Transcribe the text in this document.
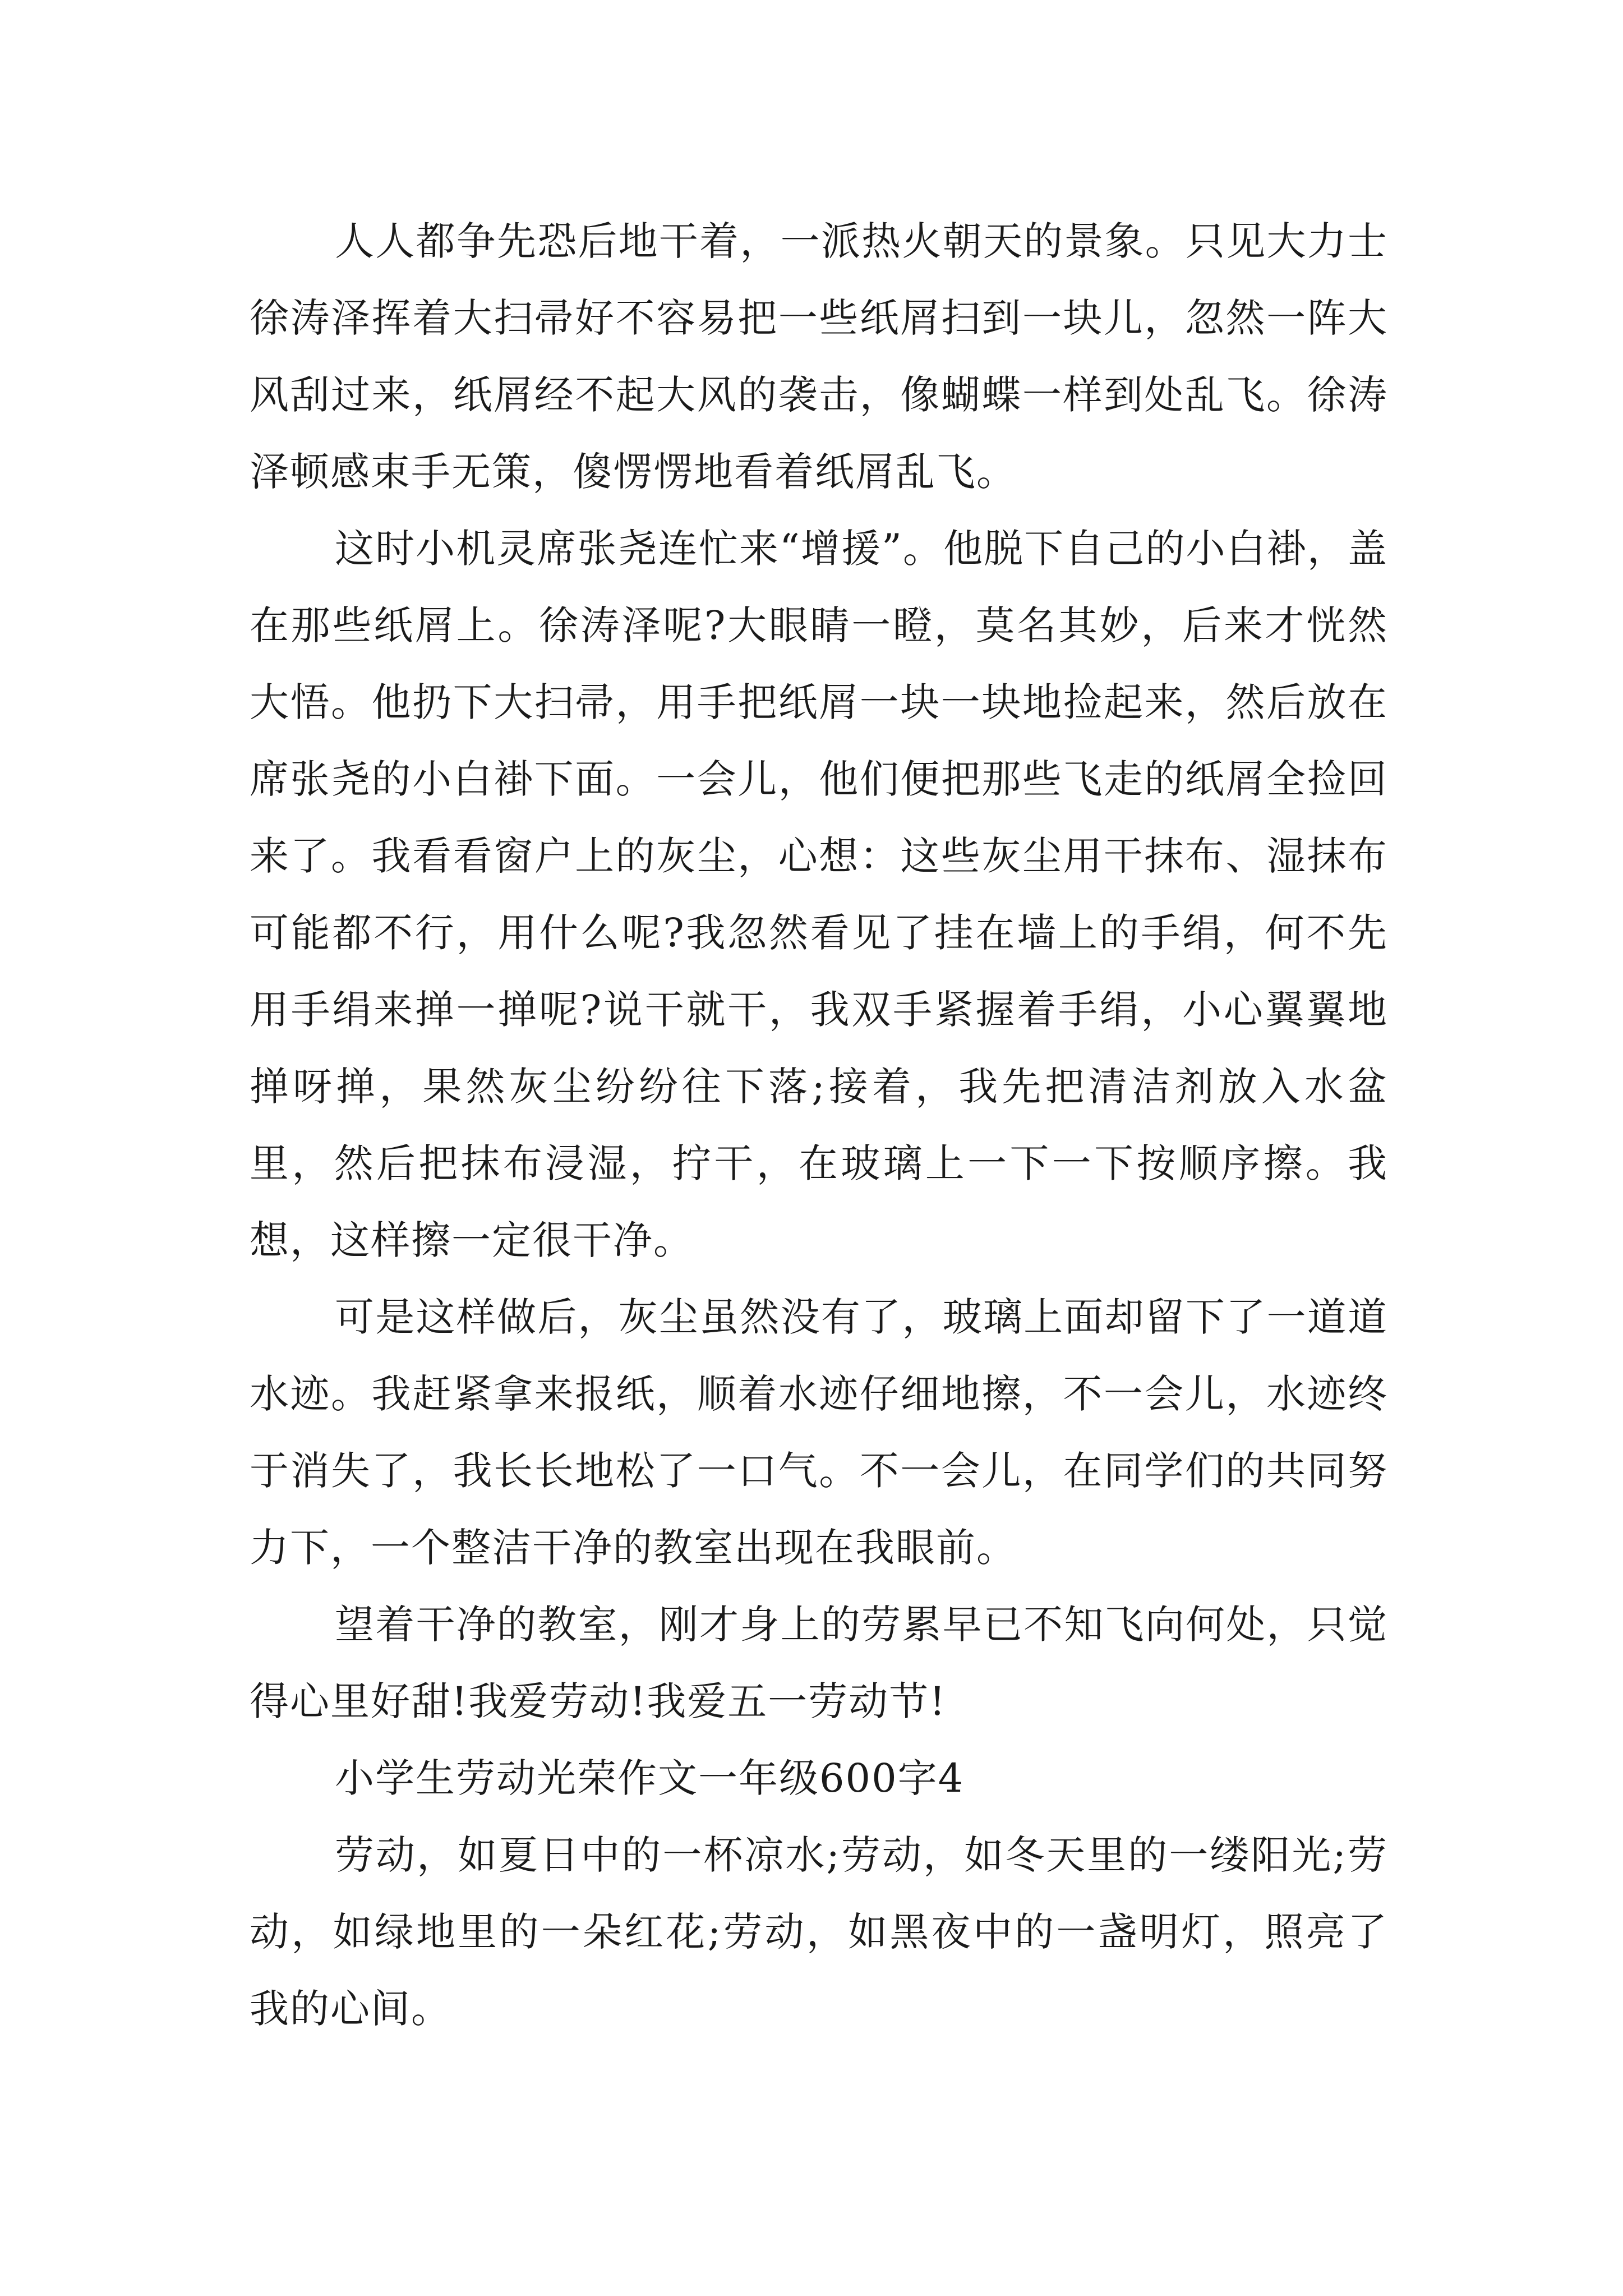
人人都争先恐后地干着，一派热火朝天的景象。只见大力士徐涛泽挥着大扫帚好不容易把一些纸屑扫到一块儿，忽然一阵大风刮过来，纸屑经不起大风的袭击，像蝴蝶一样到处乱飞。徐涛泽顿感束手无策，傻愣愣地看着纸屑乱飞。

这时小机灵席张尧连忙来“增援”。他脱下自己的小白褂，盖在那些纸屑上。徐涛泽呢?大眼睛一瞪，莫名其妙，后来才恍然大悟。他扔下大扫帚，用手把纸屑一块一块地捡起来，然后放在席张尧的小白褂下面。一会儿，他们便把那些飞走的纸屑全捡回来了。我看看窗户上的灰尘，心想：这些灰尘用干抹布、湿抹布可能都不行，用什么呢?我忽然看见了挂在墙上的手绢，何不先用手绢来掸一掸呢?说干就干，我双手紧握着手绢，小心翼翼地掸呀掸，果然灰尘纷纷往下落;接着，我先把清洁剂放入水盆里，然后把抹布浸湿，拧干，在玻璃上一下一下按顺序擦。我想，这样擦一定很干净。

可是这样做后，灰尘虽然没有了，玻璃上面却留下了一道道水迹。我赶紧拿来报纸，顺着水迹仔细地擦，不一会儿，水迹终于消失了，我长长地松了一口气。不一会儿，在同学们的共同努力下，一个整洁干净的教室出现在我眼前。

望着干净的教室，刚才身上的劳累早已不知飞向何处，只觉得心里好甜!我爱劳动!我爱五一劳动节!

小学生劳动光荣作文一年级600字4

劳动，如夏日中的一杯凉水;劳动，如冬天里的一缕阳光;劳动，如绿地里的一朵红花;劳动，如黑夜中的一盏明灯，照亮了我的心间。
